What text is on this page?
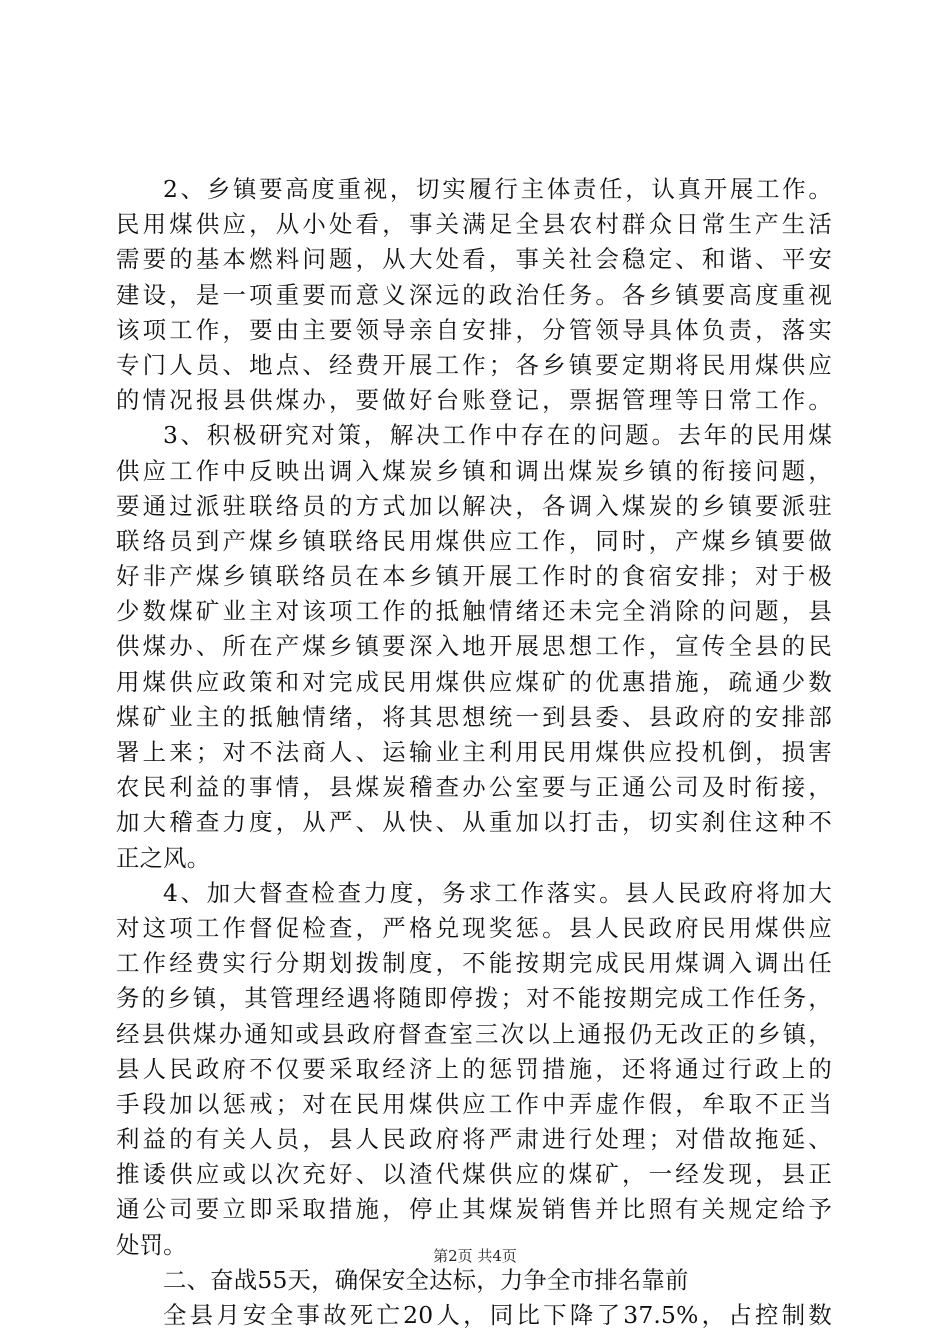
2、乡镇要高度重视，切实履行主体责任，认真开展工作。
民用煤供应，从小处看，事关满足全县农村群众日常生产生活
需要的基本燃料问题，从大处看，事关社会稳定、和谐、平安
建设，是一项重要而意义深远的政治任务。各乡镇要高度重视
该项工作，要由主要领导亲自安排，分管领导具体负责，落实
专门人员、地点、经费开展工作；各乡镇要定期将民用煤供应
的情况报县供煤办，要做好台账登记，票据管理等日常工作。
3、积极研究对策，解决工作中存在的问题。去年的民用煤
供应工作中反映出调入煤炭乡镇和调出煤炭乡镇的衔接问题，
要通过派驻联络员的方式加以解决，各调入煤炭的乡镇要派驻
联络员到产煤乡镇联络民用煤供应工作，同时，产煤乡镇要做
好非产煤乡镇联络员在本乡镇开展工作时的食宿安排；对于极
少数煤矿业主对该项工作的抵触情绪还未完全消除的问题，县
供煤办、所在产煤乡镇要深入地开展思想工作，宣传全县的民
用煤供应政策和对完成民用煤供应煤矿的优惠措施，疏通少数
煤矿业主的抵触情绪，将其思想统一到县委、县政府的安排部
署上来；对不法商人、运输业主利用民用煤供应投机倒，损害
农民利益的事情，县煤炭稽查办公室要与正通公司及时衔接，
加大稽查力度，从严、从快、从重加以打击，切实刹住这种不
正之风。
4、加大督查检查力度，务求工作落实。县人民政府将加大
对这项工作督促检查，严格兑现奖惩。县人民政府民用煤供应
工作经费实行分期划拨制度，不能按期完成民用煤调入调出任
务的乡镇，其管理经遇将随即停拨；对不能按期完成工作任务，
经县供煤办通知或县政府督查室三次以上通报仍无改正的乡镇，
县人民政府不仅要采取经济上的惩罚措施，还将通过行政上的
手段加以惩戒；对在民用煤供应工作中弄虚作假，牟取不正当
利益的有关人员，县人民政府将严肃进行处理；对借故拖延、
推诿供应或以次充好、以渣代煤供应的煤矿，一经发现，县正
通公司要立即采取措施，停止其煤炭销售并比照有关规定给予
处罚。
二、奋战55天，确保安全达标，力争全市排名靠前
全县月安全事故死亡20人，同比下降了37.5%，占控制数
第2页 共4页
